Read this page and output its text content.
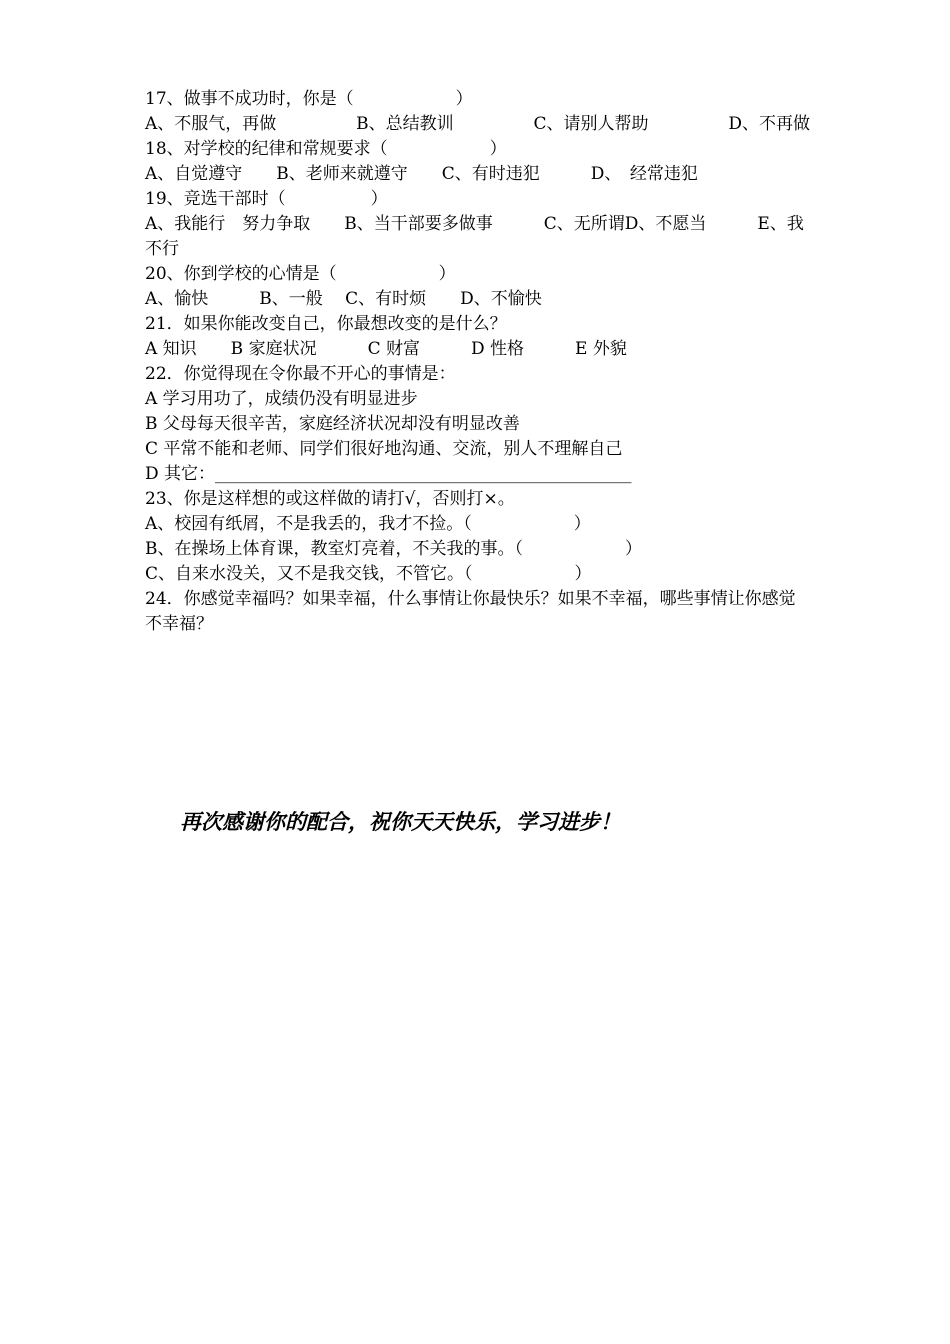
17、做事不成功时，你是（　　　　　　）
A、不服气，再做	B、总结教训	C、请别人帮助	D、不再做
18、对学校的纪律和常规要求（　　　　　　）
A、自觉遵守　　B、老师来就遵守　　C、有时违犯　　　D、　经常违犯
19、竞选干部时（　　　　　）
A、我能行　努力争取　　B、当干部要多做事　　　C、无所谓D、不愿当　　　E、我不行
20、你到学校的心情是（　　　　　　）
A、愉快　　　B、一般　 C、有时烦　　D、不愉快
21．如果你能改变自己，你最想改变的是什么？
A 知识　　B 家庭状况　　　C 财富　　　D 性格　　　E 外貌
22．你觉得现在令你最不开心的事情是：
A 学习用功了，成绩仍没有明显进步
B 父母每天很辛苦，家庭经济状况却没有明显改善
C 平常不能和老师、同学们很好地沟通、交流，别人不理解自己
D 其它：_________________________________________________
23、你是这样想的或这样做的请打√，否则打×。
A、校园有纸屑，不是我丢的，我才不捡。（　　　　　　）
B、在操场上体育课，教室灯亮着，不关我的事。（　　　　　　）
C、自来水没关，又不是我交钱，不管它。（　　　　　　）
24．你感觉幸福吗？如果幸福，什么事情让你最快乐？如果不幸福，哪些事情让你感觉不幸福？
再次感谢你的配合，祝你天天快乐，学习进步！
